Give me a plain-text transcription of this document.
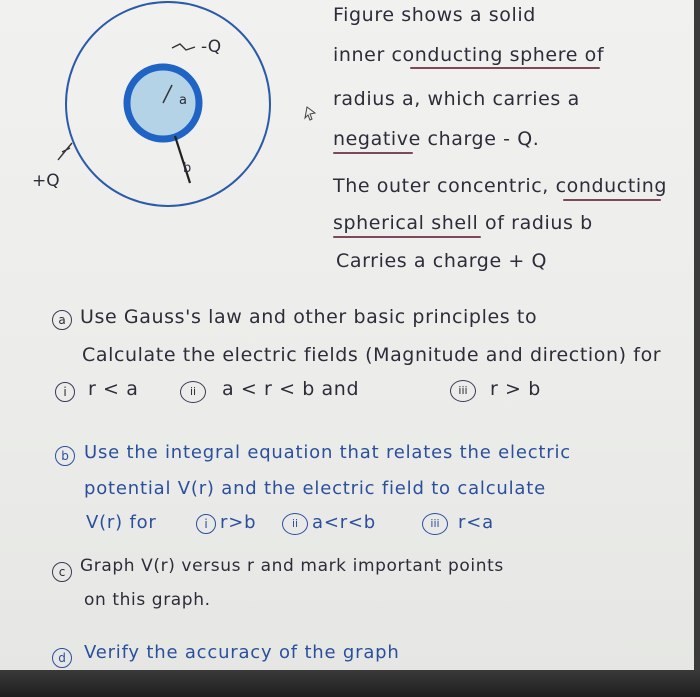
-Q
+Q
a
b
Figure shows a solid
inner conducting sphere of
radius a, which carries a
negative charge - Q.
The outer concentric, conducting
spherical shell of radius b
Carries a charge + Q
a Use Gauss's law and other basic principles to
Calculate the electric fields (Magnitude and direction) for
i	r < a	ii	a < r < b and	iii	r > b
b Use the integral equation that relates the electric
potential V(r) and the electric field to calculate
V(r) for	i r>b	ii a<r<b	iii	r<a
c Graph V(r) versus r and mark important points
on this graph.
d	Verify the accuracy of the graph
